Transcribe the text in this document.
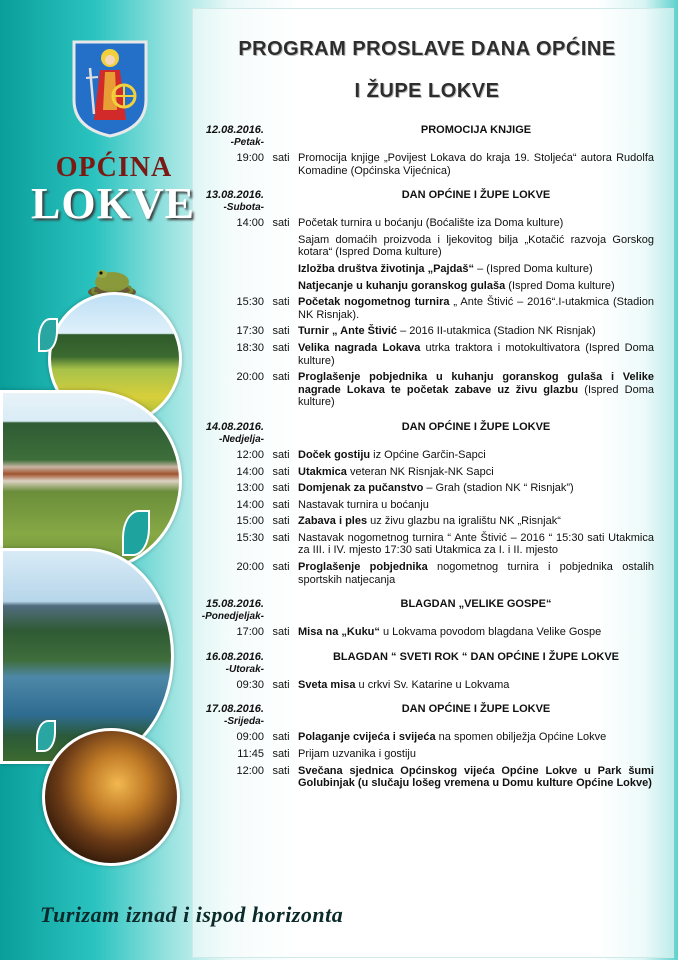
PROGRAM PROSLAVE DANA OPĆINE
I ŽUPE LOKVE
OPĆINA
LOKVE
12.08.2016.
-Petak-
PROMOCIJA KNJIGE
19:00 sati Promocija knjige „Povijest Lokava do kraja 19. Stoljeća“ autora Rudolfa Komadine (Općinska Vijećnica)
13.08.2016.
-Subota-
DAN OPĆINE I ŽUPE LOKVE
14:00 sati Početak turnira u boćanju (Boćalište iza Doma kulture)
Sajam domaćih proizvoda i ljekovitog bilja „Kotačić razvoja Gorskog kotara“ (Ispred Doma kulture)
Izložba društva životinja „Pajdaš“ – (Ispred Doma kulture)
Natjecanje u kuhanju goranskog gulaša (Ispred Doma kulture)
15:30 sati Početak nogometnog turnira „ Ante Štivić – 2016“.I-utakmica (Stadion NK Risnjak).
17:30 sati Turnir „ Ante Štivić – 2016 II-utakmica (Stadion NK Risnjak)
18:30 sati Velika nagrada Lokava utrka traktora i motokultivatora (Ispred Doma kulture)
20:00 sati Proglašenje pobjednika u kuhanju goranskog gulaša i Velike nagrade Lokava te početak zabave uz živu glazbu (Ispred Doma kulture)
14.08.2016.
-Nedjelja-
DAN OPĆINE I ŽUPE LOKVE
12:00 sati Doček gostiju iz Općine Garčin-Sapci
14:00 sati Utakmica veteran NK Risnjak-NK Sapci
13:00 sati Domjenak za pučanstvo – Grah (stadion NK “ Risnjak”)
14:00 sati Nastavak turnira u boćanju
15:00 sati Zabava i ples uz živu glazbu na igralištu NK „Risnjak“
15:30 sati Nastavak nogometnog turnira “ Ante Štivić – 2016 “ 15:30 sati Utakmica za III. i IV. mjesto 17:30 sati Utakmica za I. i II. mjesto
20:00 sati Proglašenje pobjednika nogometnog turnira i pobjednika ostalih sportskih natjecanja
15.08.2016.
-Ponedjeljak-
BLAGDAN „VELIKE GOSPE“
17:00 sati Misa na „Kuku“ u Lokvama povodom blagdana Velike Gospe
16.08.2016.
-Utorak-
BLAGDAN “ SVETI ROK “ DAN OPĆINE I ŽUPE LOKVE
09:30 sati Sveta misa u crkvi Sv. Katarine u Lokvama
17.08.2016.
-Srijeda-
DAN OPĆINE I ŽUPE LOKVE
09:00 sati Polaganje cvijeća i svijeća na spomen obilježja Općine Lokve
11:45 sati Prijam uzvanika i gostiju
12:00 sati Svečana sjednica Općinskog vijeća Općine Lokve u Park šumi Golubinjak (u slučaju lošeg vremena u Domu kulture Općine Lokve)
Turizam iznad i ispod horizonta
